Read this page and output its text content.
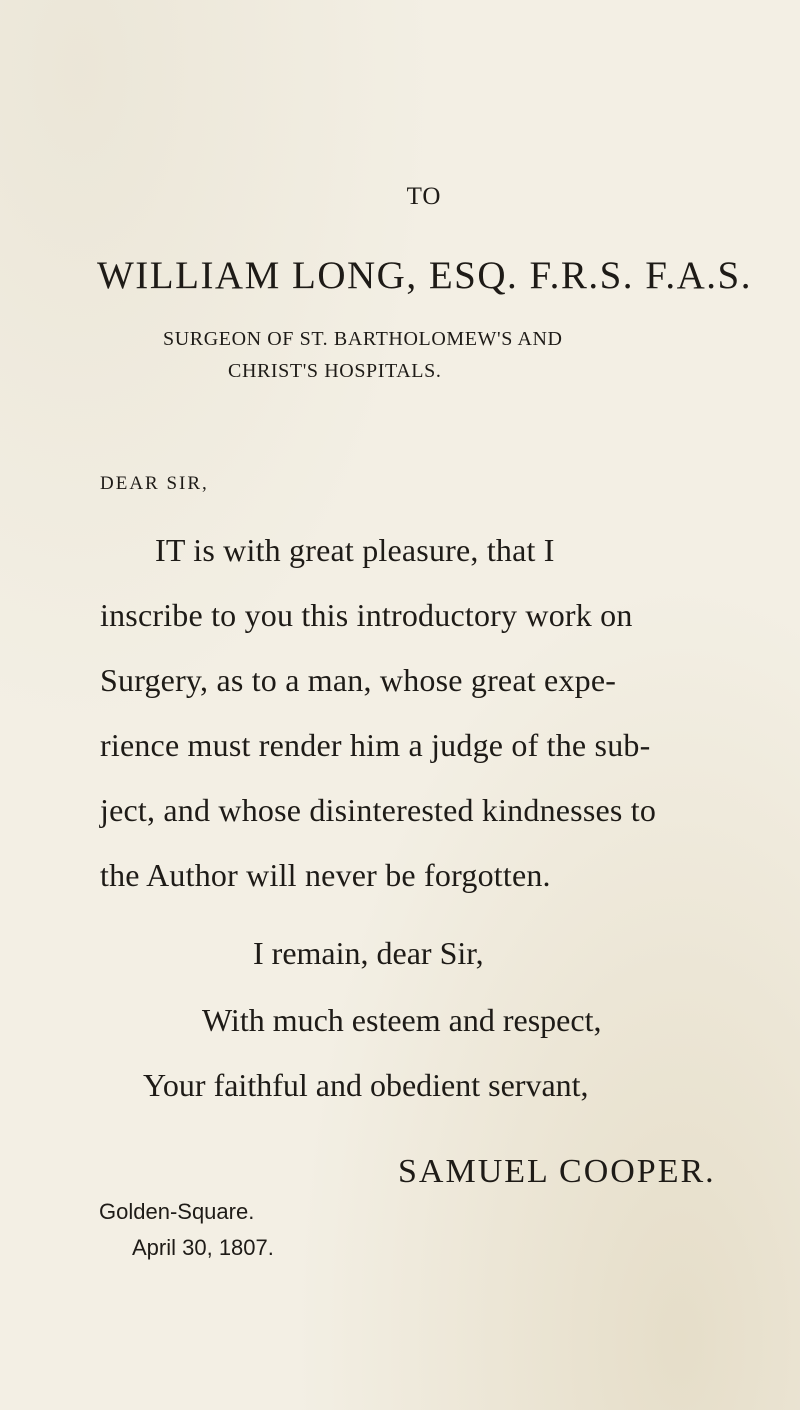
TO
WILLIAM LONG, ESQ. F.R.S. F.A.S.
SURGEON OF ST. BARTHOLOMEW'S AND
CHRIST'S HOSPITALS.
DEAR SIR,
IT is with great pleasure, that I
inscribe to you this introductory work on
Surgery, as to a man, whose great expe-
rience must render him a judge of the sub-
ject, and whose disinterested kindnesses to
the Author will never be forgotten.
I remain, dear Sir,
With much esteem and respect,
Your faithful and obedient servant,
SAMUEL COOPER.
Golden-Square.
April 30, 1807.
